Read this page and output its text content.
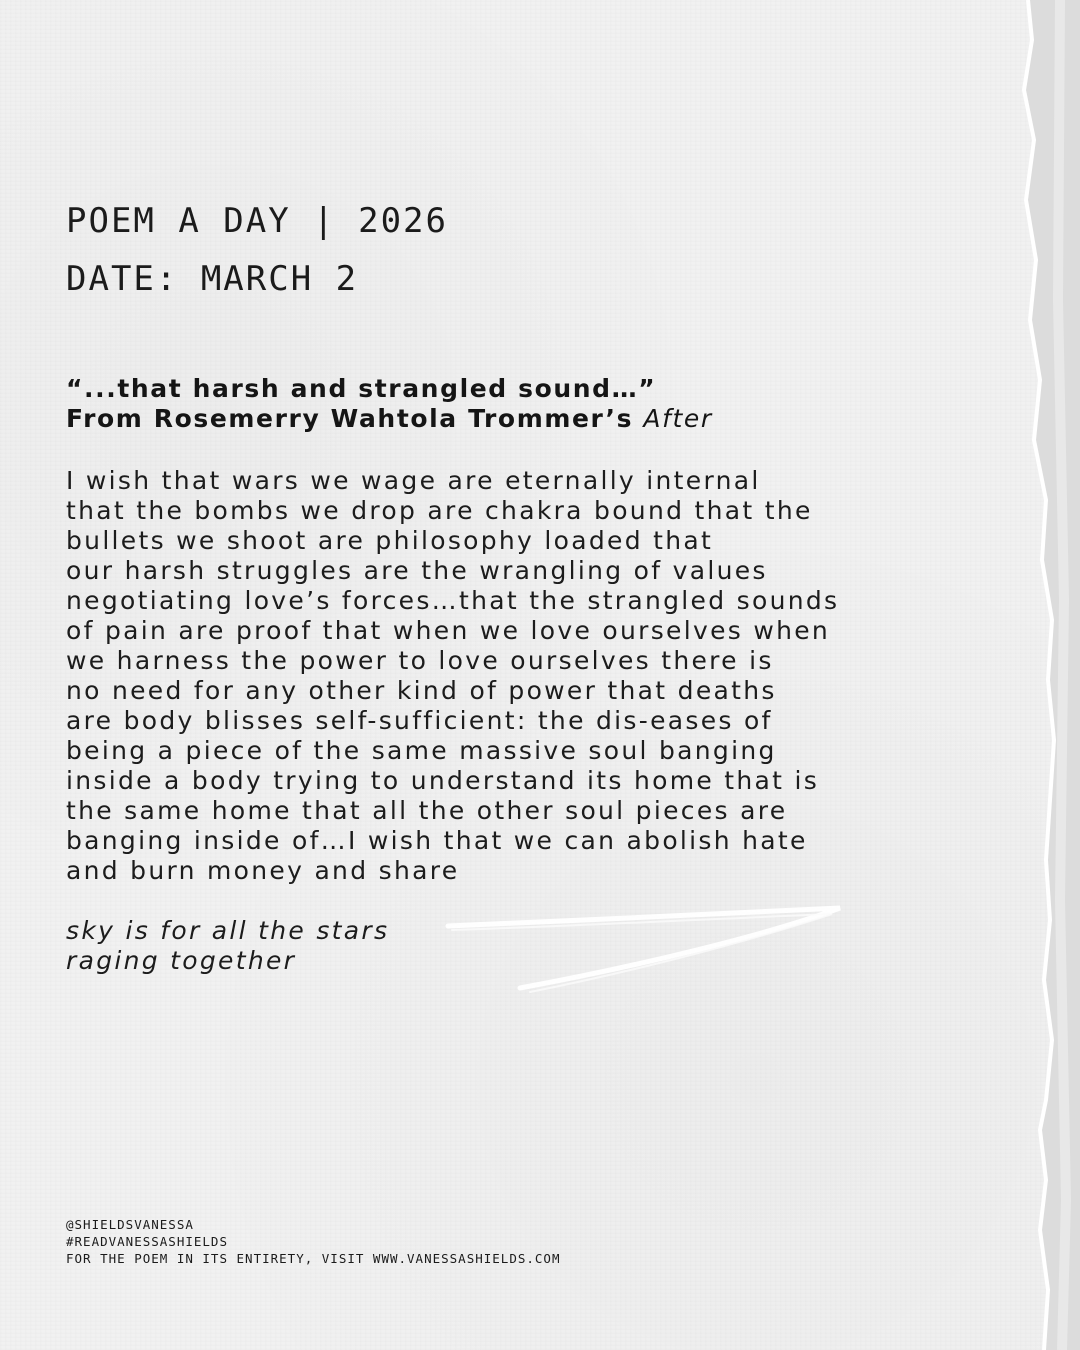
POEM A DAY | 2026
DATE: MARCH 2
“...that harsh and strangled sound…”
From Rosemerry Wahtola Trommer’s After
I wish that wars we wage are eternally internal
that the bombs we drop are chakra bound that the
bullets we shoot are philosophy loaded that
our harsh struggles are the wrangling of values
negotiating love’s forces…that the strangled sounds
of pain are proof that when we love ourselves when
we harness the power to love ourselves there is
no need for any other kind of power that deaths
are body blisses self-sufficient: the dis-eases of
being a piece of the same massive soul banging
inside a body trying to understand its home that is
the same home that all the other soul pieces are
banging inside of…I wish that we can abolish hate
and burn money and share
sky is for all the stars
raging together
@SHIELDSVANESSA
#READVANESSASHIELDS
FOR THE POEM IN ITS ENTIRETY, VISIT WWW.VANESSASHIELDS.COM
